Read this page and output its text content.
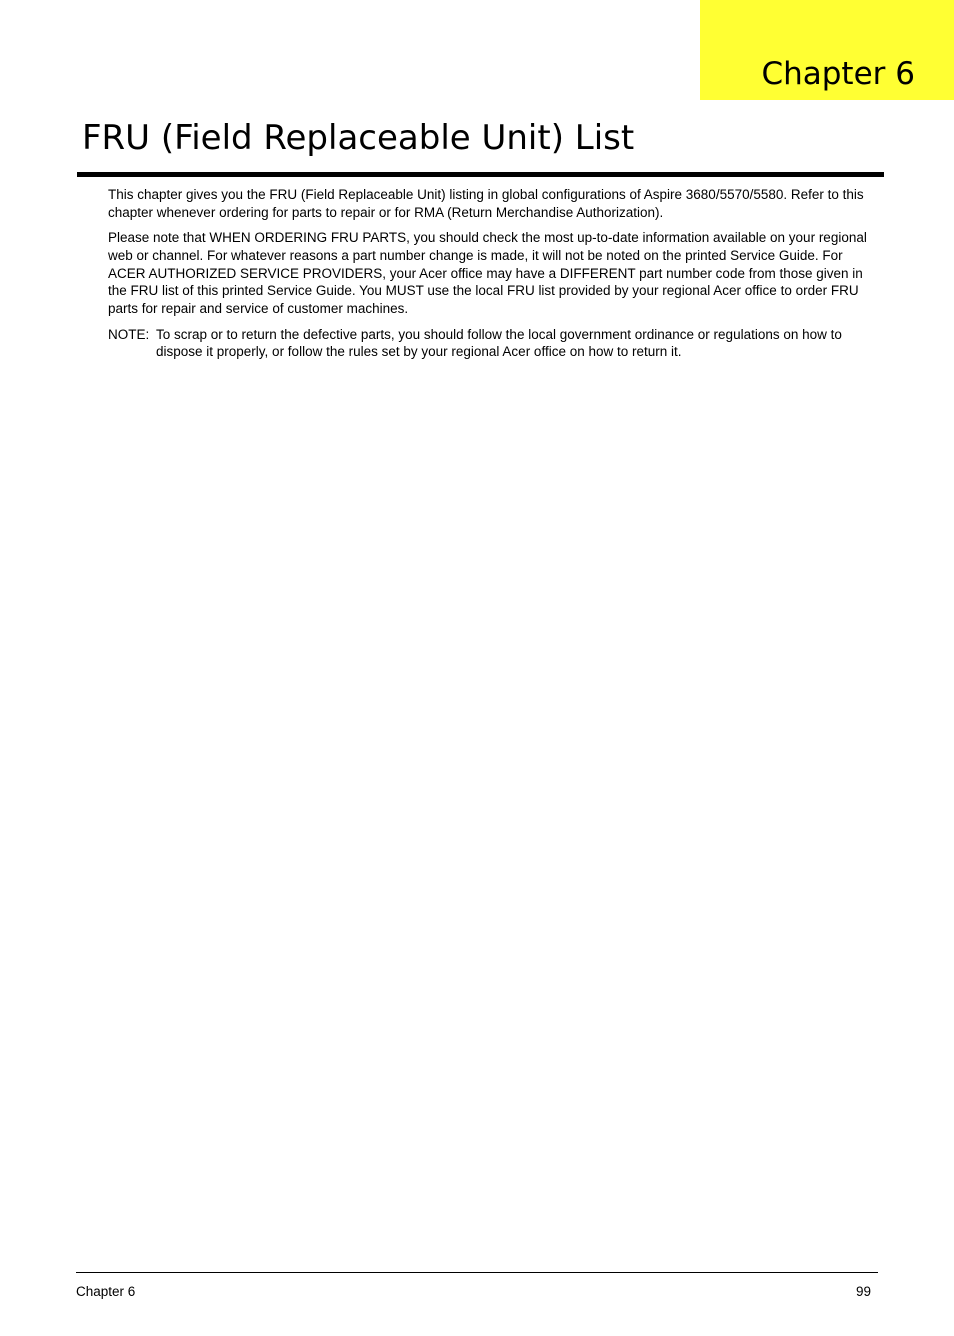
Chapter 6
FRU (Field Replaceable Unit) List

This chapter gives you the FRU (Field Replaceable Unit) listing in global configurations of Aspire 3680/5570/5580. Refer to this chapter whenever ordering for parts to repair or for RMA (Return Merchandise Authorization).

Please note that WHEN ORDERING FRU PARTS, you should check the most up-to-date information available on your regional web or channel. For whatever reasons a part number change is made, it will not be noted on the printed Service Guide. For ACER AUTHORIZED SERVICE PROVIDERS, your Acer office may have a DIFFERENT part number code from those given in the FRU list of this printed Service Guide. You MUST use the local FRU list provided by your regional Acer office to order FRU parts for repair and service of customer machines.

NOTE: To scrap or to return the defective parts, you should follow the local government ordinance or regulations on how to dispose it properly, or follow the rules set by your regional Acer office on how to return it.
Chapter 6	99
